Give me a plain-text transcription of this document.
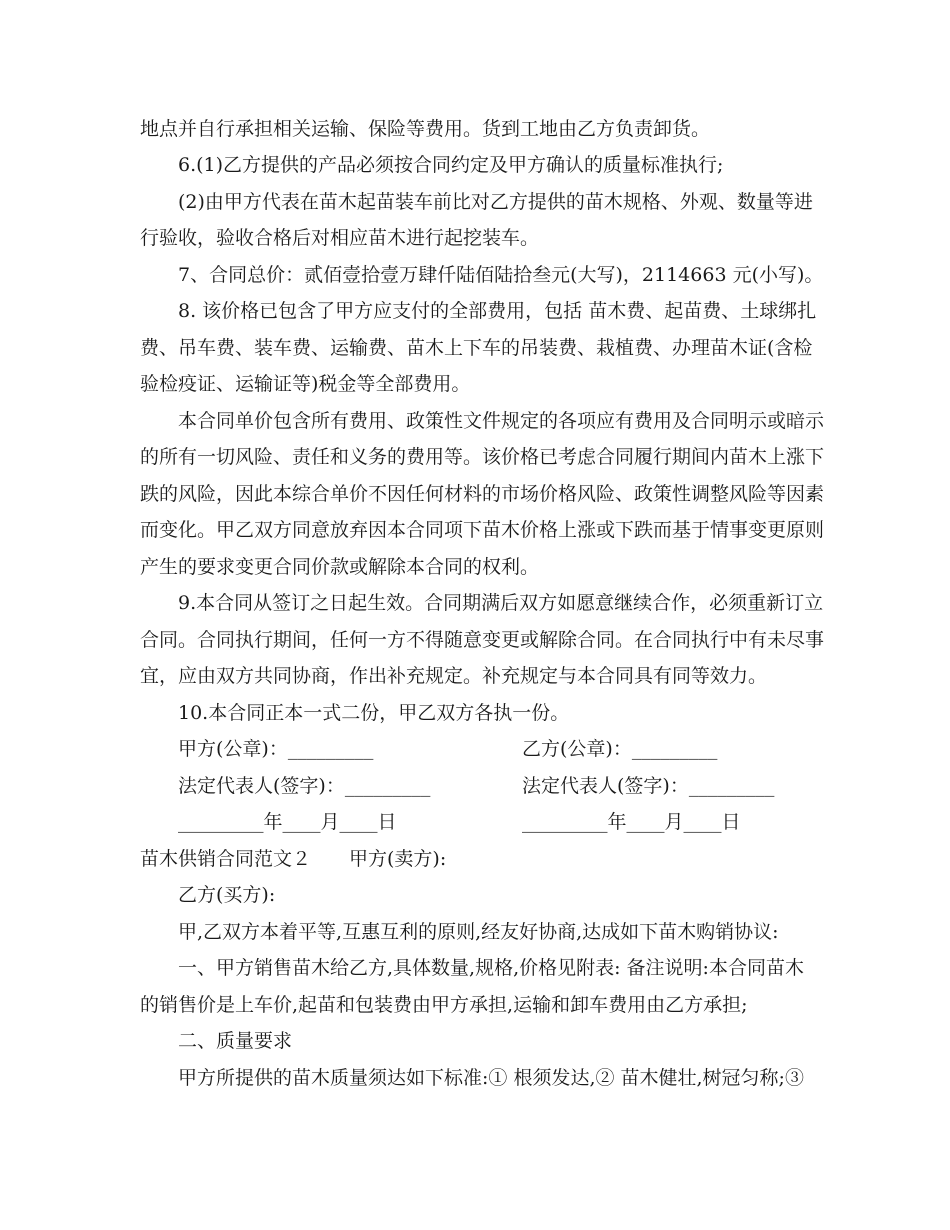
地点并自行承担相关运输、保险等费用。货到工地由乙方负责卸货。
6.(1)乙方提供的产品必须按合同约定及甲方确认的质量标准执行;
(2)由甲方代表在苗木起苗装车前比对乙方提供的苗木规格、外观、数量等进
行验收，验收合格后对相应苗木进行起挖装车。
7、合同总价：贰佰壹拾壹万肆仟陆佰陆拾叁元(大写)，2114663 元(小写)。
8. 该价格已包含了甲方应支付的全部费用，包括 苗木费、起苗费、土球绑扎
费、吊车费、装车费、运输费、苗木上下车的吊装费、栽植费、办理苗木证(含检
验检疫证、运输证等)税金等全部费用。
本合同单价包含所有费用、政策性文件规定的各项应有费用及合同明示或暗示
的所有一切风险、责任和义务的费用等。该价格已考虑合同履行期间内苗木上涨下
跌的风险，因此本综合单价不因任何材料的市场价格风险、政策性调整风险等因素
而变化。甲乙双方同意放弃因本合同项下苗木价格上涨或下跌而基于情事变更原则
产生的要求变更合同价款或解除本合同的权利。
9.本合同从签订之日起生效。合同期满后双方如愿意继续合作，必须重新订立
合同。合同执行期间，任何一方不得随意变更或解除合同。在合同执行中有未尽事
宜，应由双方共同协商，作出补充规定。补充规定与本合同具有同等效力。
10.本合同正本一式二份，甲乙双方各执一份。
甲方(公章)：_________	乙方(公章)：_________
法定代表人(签字)：_________	法定代表人(签字)：_________
_________年____月____日	_________年____月____日
苗木供销合同范文２　　甲方(卖方):
乙方(买方):
甲,乙双方本着平等,互惠互利的原则,经友好协商,达成如下苗木购销协议:
一、甲方销售苗木给乙方,具体数量,规格,价格见附表: 备注说明:本合同苗木
的销售价是上车价,起苗和包装费由甲方承担,运输和卸车费用由乙方承担;
二、质量要求
甲方所提供的苗木质量须达如下标准:① 根须发达,② 苗木健壮,树冠匀称;③
